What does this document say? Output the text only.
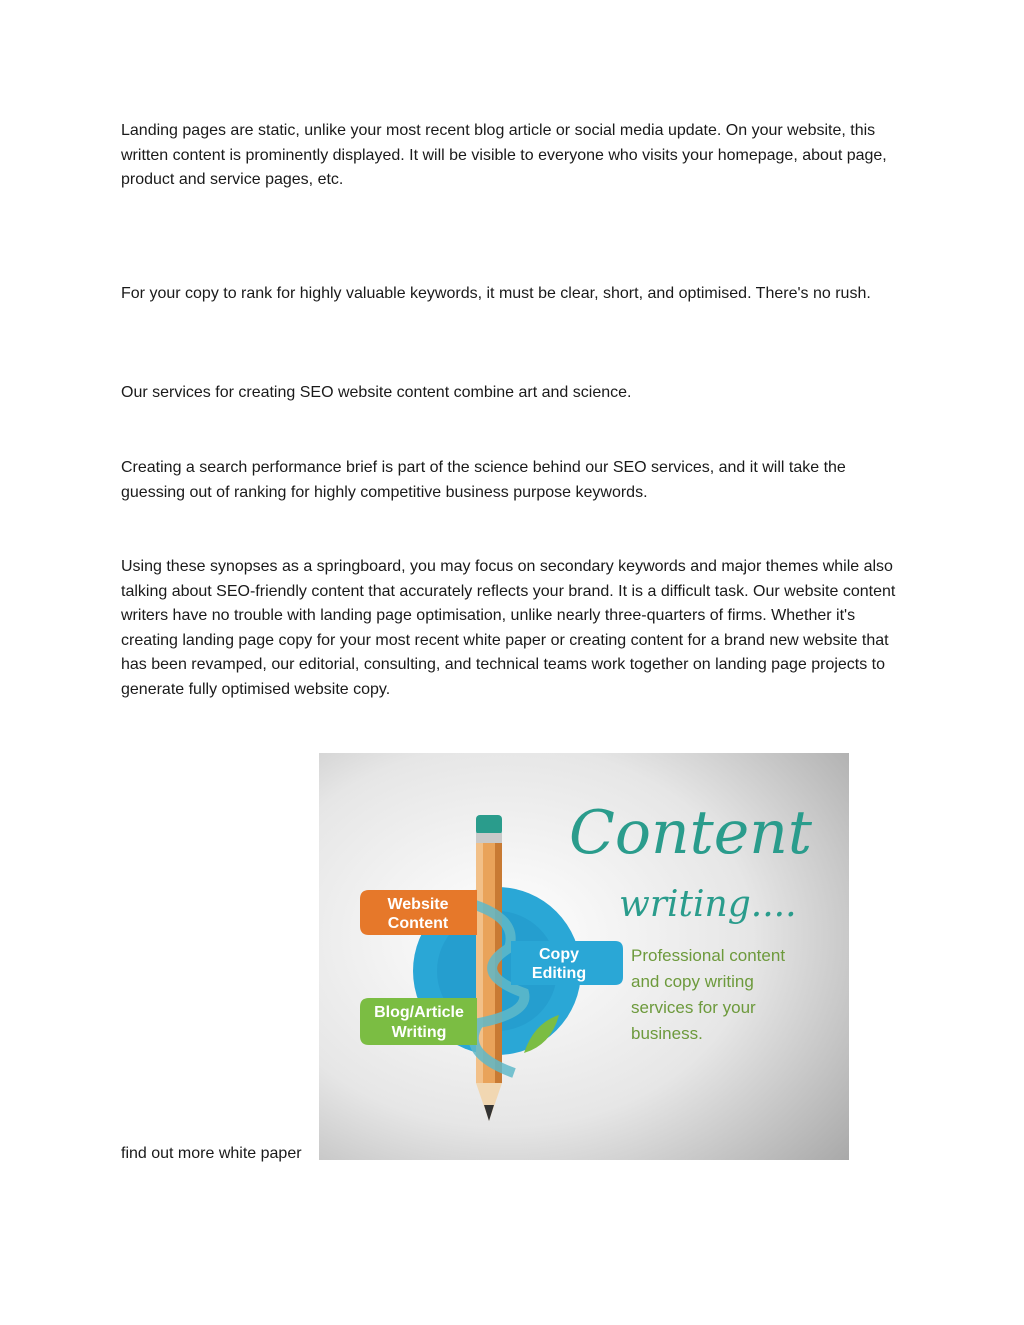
Landing pages are static, unlike your most recent blog article or social media update. On your website, this written content is prominently displayed. It will be visible to everyone who visits your homepage, about page, product and service pages, etc.

For your copy to rank for highly valuable keywords, it must be clear, short, and optimised. There's no rush.

Our services for creating SEO website content combine art and science.

Creating a search performance brief is part of the science behind our SEO services, and it will take the guessing out of ranking for highly competitive business purpose keywords.

Using these synopses as a springboard, you may focus on secondary keywords and major themes while also talking about SEO-friendly content that accurately reflects your brand. It is a difficult task. Our website content writers have no trouble with landing page optimisation, unlike nearly three-quarters of firms. Whether it's creating landing page copy for your most recent white paper or creating content for a brand new website that has been revamped, our editorial, consulting, and technical teams work together on landing page projects to generate fully optimised website copy.

find out more white paper
Website
Content
Copy
Editing
Blog/Article
Writing
Content
writing....
Professional content
and copy writing
services for your
business.
